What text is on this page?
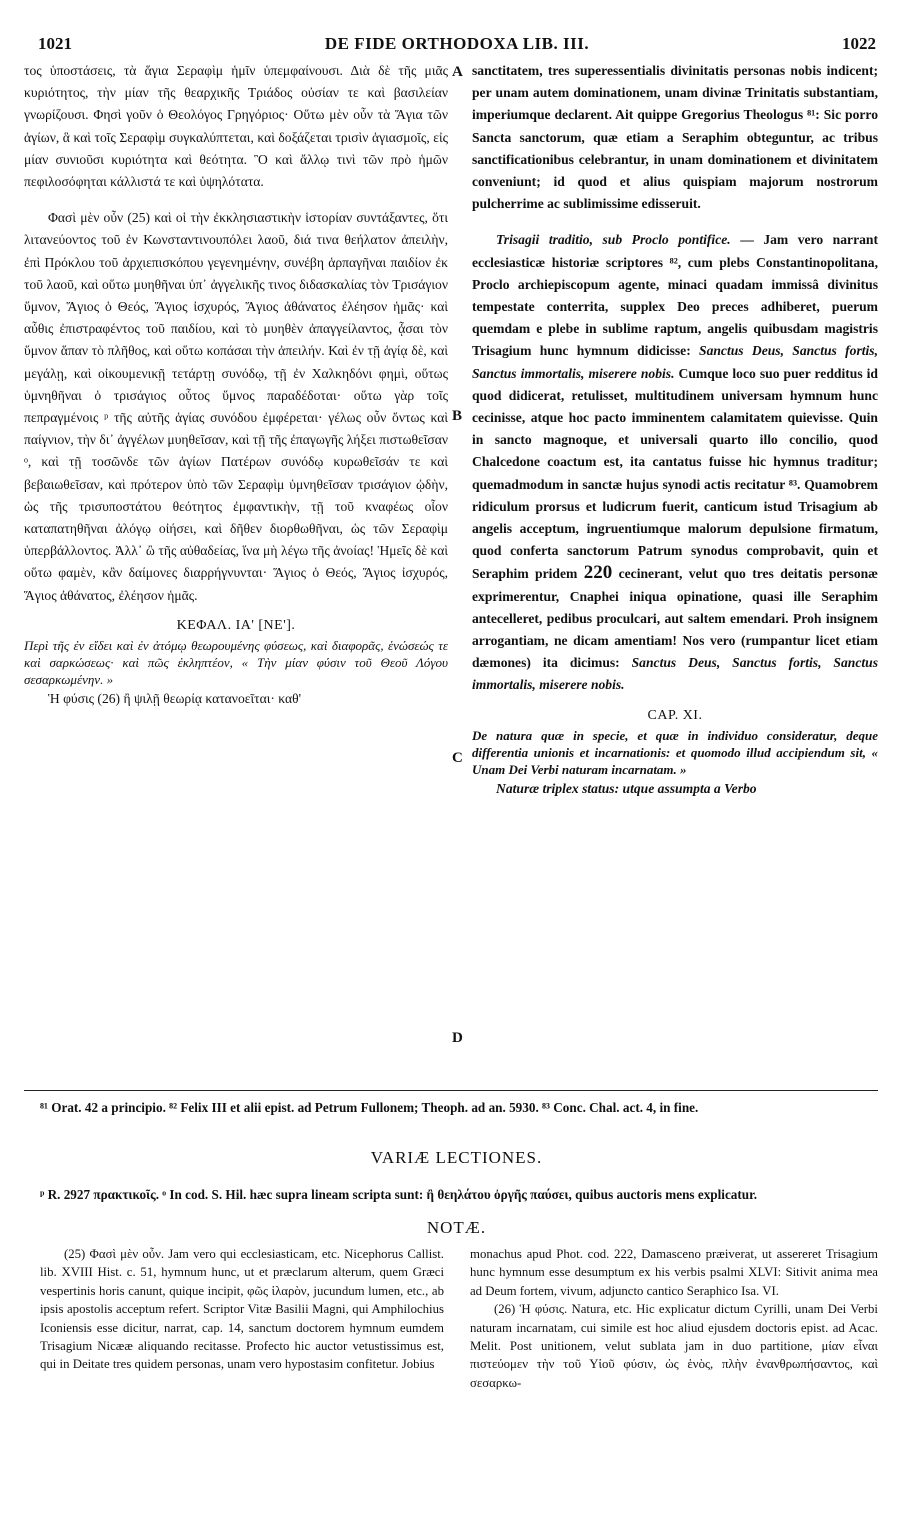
1021	DE FIDE ORTHODOXA LIB. III.	1022

τος ὑποστάσεις, τὰ ἅγια Σεραφὶμ ἡμῖν ὑπεμφαίνουσι. Διὰ δὲ τῆς μιᾶς κυριότητος, τὴν μίαν τῆς θεαρχικῆς Τριάδος οὐσίαν τε καὶ βασιλείαν γνωρίζουσι. Φησὶ γοῦν ὁ Θεολόγος Γρηγόριος· Οὕτω μὲν οὖν τὰ Ἅγια τῶν ἁγίων, ἃ καὶ τοῖς Σεραφὶμ συγκαλύπτεται, καὶ δοξάζεται τρισὶν ἁγιασμοῖς, εἰς μίαν συνιοῦσι κυριότητα καὶ θεότητα. Ὃ καὶ ἄλλῳ τινὶ τῶν πρὸ ἡμῶν πεφιλοσόφηται κάλλιστά τε καὶ ὑψηλότατα.

Φασὶ μὲν οὖν (25) καὶ οἱ τὴν ἐκκλησιαστικὴν ἱστορίαν συντάξαντες, ὅτι λιτανεύοντος τοῦ ἐν Κωνσταντινουπόλει λαοῦ, διά τινα θεήλατον ἀπειλὴν, ἐπὶ Πρόκλου τοῦ ἀρχιεπισκόπου γεγενημένην, συνέβη ἁρπαγῆναι παιδίον ἐκ τοῦ λαοῦ, καὶ οὕτω μυηθῆναι ὑπ᾽ ἀγγελικῆς τινος διδασκαλίας τὸν Τρισάγιον ὕμνον, Ἅγιος ὁ Θεός, Ἅγιος ἰσχυρός, Ἅγιος ἀθάνατος ἐλέησον ἡμᾶς· καὶ αὖθις ἐπιστραφέντος τοῦ παιδίου, καὶ τὸ μυηθὲν ἀπαγγείλαντος, ᾆσαι τὸν ὕμνον ἅπαν τὸ πλῆθος, καὶ οὕτω κοπάσαι τὴν ἀπειλήν. Καὶ ἐν τῇ ἁγίᾳ δὲ, καὶ μεγάλῃ, καὶ οἰκουμενικῇ τετάρτῃ συνόδῳ, τῇ ἐν Χαλκηδόνι φημὶ, οὕτως ὑμνηθῆναι ὁ τρισάγιος οὗτος ὕμνος παραδέδοται· οὕτω γὰρ τοῖς πεπραγμένοις ᵖ τῆς αὐτῆς ἁγίας συνόδου ἐμφέρεται· γέλως οὖν ὄντως καὶ παίγνιον, τὴν δι᾽ ἀγγέλων μυηθεῖσαν, καὶ τῇ τῆς ἐπαγωγῆς λήξει πιστωθεῖσαν ᵒ, καὶ τῇ τοσῶνδε τῶν ἁγίων Πατέρων συνόδῳ κυρωθεῖσάν τε καὶ βεβαιωθεῖσαν, καὶ πρότερον ὑπὸ τῶν Σεραφὶμ ὑμνηθεῖσαν τρισάγιον ᾠδὴν, ὡς τῆς τρισυποστάτου θεότητος ἐμφαντικὴν, τῇ τοῦ κναφέως οἷον καταπατηθῆναι ἀλόγῳ οἰήσει, καὶ δῆθεν διορθωθῆναι, ὡς τῶν Σεραφὶμ ὑπερβάλλοντος. Ἀλλ᾽ ὢ τῆς αὐθαδείας, ἵνα μὴ λέγω τῆς ἀνοίας! Ἡμεῖς δὲ καὶ οὕτω φαμὲν, κἂν δαίμονες διαρρήγνυνται· Ἅγιος ὁ Θεός, Ἅγιος ἰσχυρός, Ἅγιος ἀθάνατος, ἐλέησον ἡμᾶς.

ΚΕΦΑΛ. ΙΑ' [ΝΕ'].

Περὶ τῆς ἐν εἴδει καὶ ἐν ἀτόμῳ θεωρουμένης φύσεως, καὶ διαφορᾶς, ἑνώσεώς τε καὶ σαρκώσεως· καὶ πῶς ἐκληπτέον, « Τὴν μίαν φύσιν τοῦ Θεοῦ Λόγου σεσαρκωμένην. »

Ἡ φύσις (26) ἢ ψιλῇ θεωρίᾳ κατανοεῖται· καθ'

A
B
C
D

sanctitatem, tres superessentialis divinitatis personas nobis indicent; per unam autem dominationem, unam divinæ Trinitatis substantiam, imperiumque declarent. Ait quippe Gregorius Theologus ⁸¹: Sic porro Sancta sanctorum, quæ etiam a Seraphim obteguntur, ac tribus sanctificationibus celebrantur, in unam dominationem et divinitatem conveniunt; id quod et alius quispiam majorum nostrorum pulcherrime ac sublimissime edisseruit.

Trisagii traditio, sub Proclo pontifice. — Jam vero narrant ecclesiasticæ historiæ scriptores ⁸², cum plebs Constantinopolitana, Proclo archiepiscopum agente, minaci quadam immissâ divinitus tempestate conterrita, supplex Deo preces adhiberet, puerum quemdam e plebe in sublime raptum, angelis quibusdam magistris Trisagium hunc hymnum didicisse: Sanctus Deus, Sanctus fortis, Sanctus immortalis, miserere nobis. Cumque loco suo puer redditus id quod didicerat, retulisset, multitudinem universam hymnum hunc cecinisse, atque hoc pacto imminentem calamitatem quievisse. Quin in sancto magnoque, et universali quarto illo concilio, quod Chalcedone coactum est, ita cantatus fuisse hic hymnus traditur; quemadmodum in sanctæ hujus synodi actis recitatur ⁸³. Quamobrem ridiculum prorsus et ludicrum fuerit, canticum istud Trisagium ab angelis acceptum, ingruentiumque malorum depulsione firmatum, quod conferta sanctorum Patrum synodus comprobavit, quin et Seraphim pridem 220 cecinerant, velut quo tres deitatis personæ exprimerentur, Cnaphei iniqua opinatione, quasi ille Seraphim antecelleret, pedibus proculcari, aut saltem emendari. Proh insignem arrogantiam, ne dicam amentiam! Nos vero (rumpantur licet etiam dæmones) ita dicimus: Sanctus Deus, Sanctus fortis, Sanctus immortalis, miserere nobis.

CAP. XI.

De natura quæ in specie, et quæ in individuo consideratur, deque differentia unionis et incarnationis: et quomodo illud accipiendum sit, « Unam Dei Verbi naturam incarnatam. »

Naturæ triplex status: utque assumpta a Verbo

⁸¹ Orat. 42 a principio. ⁸² Felix III et alii epist. ad Petrum Fullonem; Theoph. ad an. 5930. ⁸³ Conc. Chal. act. 4, in fine.
VARIÆ LECTIONES.
ᵖ R. 2927 πρακτικοῖς. ᵒ In cod. S. Hil. hæc supra lineam scripta sunt: ἢ θεηλάτου ὀργῆς παύσει, quibus auctoris mens explicatur.
NOTÆ.

(25) Φασὶ μὲν οὖν. Jam vero qui ecclesiasticam, etc. Nicephorus Callist. lib. XVIII Hist. c. 51, hymnum hunc, ut et præclarum alterum, quem Græci vespertinis horis canunt, quique incipit, φῶς ἱλαρὸν, jucundum lumen, etc., ab ipsis apostolis acceptum refert. Scriptor Vitæ Basilii Magni, qui Amphilochius Iconiensis esse dicitur, narrat, cap. 14, sanctum doctorem hymnum eumdem Trisagium Nicææ aliquando recitasse. Profecto hic auctor vetustissimus est, qui in Deitate tres quidem personas, unam vero hypostasim confitetur. Jobius

monachus apud Phot. cod. 222, Damasceno præiverat, ut assereret Trisagium hunc hymnum esse desumptum ex his verbis psalmi XLVI: Sitivit anima mea ad Deum fortem, vivum, adjuncto cantico Seraphico Isa. VI.

(26) Ἡ φύσις. Natura, etc. Hic explicatur dictum Cyrilli, unam Dei Verbi naturam incarnatam, cui simile est hoc aliud ejusdem doctoris epist. ad Acac. Melit. Post unitionem, velut sublata jam in duo partitione, μίαν εἶναι πιστεύομεν τὴν τοῦ Υἱοῦ φύσιν, ὡς ἑνὸς, πλὴν ἐνανθρωπήσαντος, καὶ σεσαρκω-
